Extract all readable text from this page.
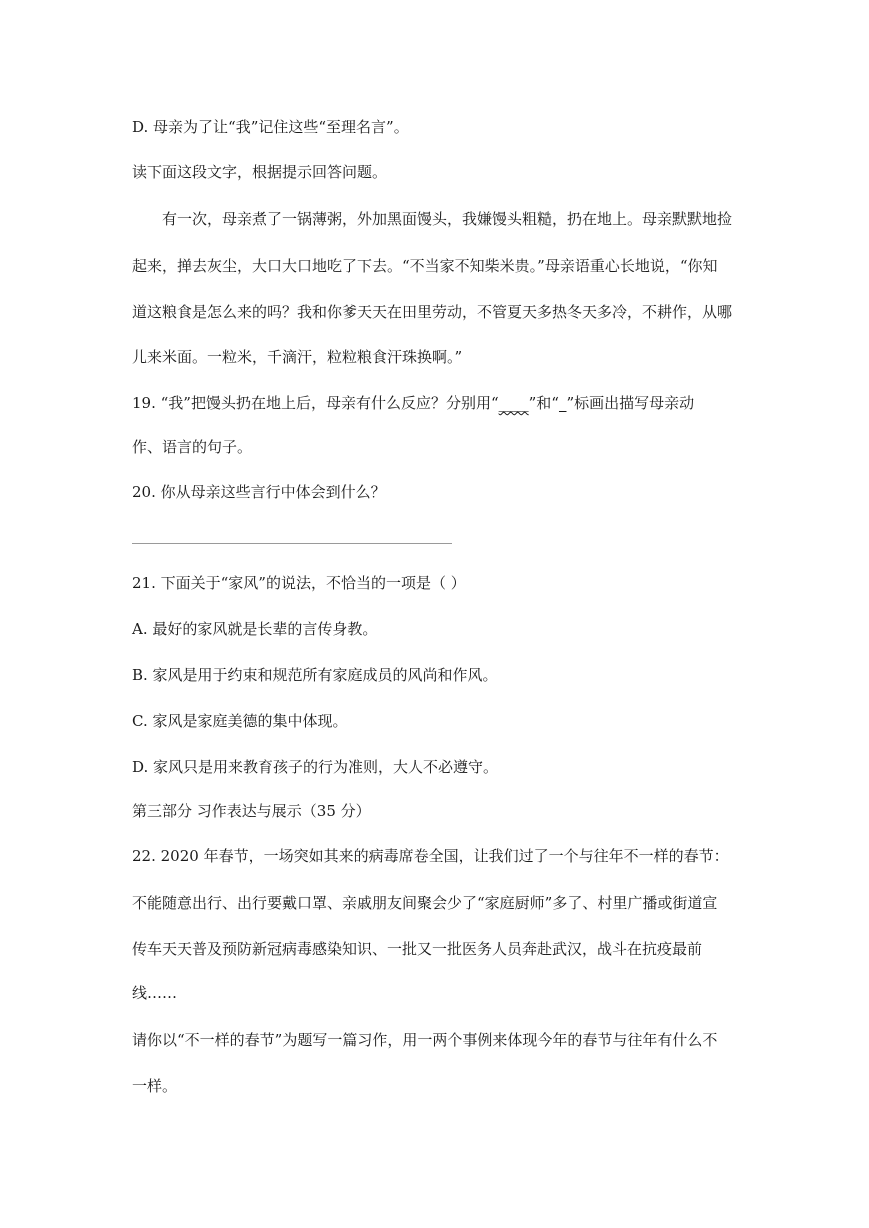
D. 母亲为了让“我”记住这些“至理名言”。
读下面这段文字，根据提示回答问题。
有一次，母亲煮了一锅薄粥，外加黑面馒头，我嫌馒头粗糙，扔在地上。母亲默默地捡
起来，掸去灰尘，大口大口地吃了下去。“不当家不知柴米贵。”母亲语重心长地说，“你知
道这粮食是怎么来的吗？我和你爹天天在田里劳动，不管夏天多热冬天多冷，不耕作，从哪
儿来米面。一粒米，千滴汗，粒粒粮食汗珠换啊。”
19. “我”把馒头扔在地上后，母亲有什么反应？分别用“____”和“_”标画出描写母亲动
作、语言的句子。
20. 你从母亲这些言行中体会到什么？
21. 下面关于“家风”的说法，不恰当的一项是（ ）
A. 最好的家风就是长辈的言传身教。
B. 家风是用于约束和规范所有家庭成员的风尚和作风。
C. 家风是家庭美德的集中体现。
D. 家风只是用来教育孩子的行为准则，大人不必遵守。
第三部分 习作表达与展示（35 分）
22. 2020 年春节，一场突如其来的病毒席卷全国，让我们过了一个与往年不一样的春节：
不能随意出行、出行要戴口罩、亲戚朋友间聚会少了“家庭厨师”多了、村里广播或街道宣
传车天天普及预防新冠病毒感染知识、一批又一批医务人员奔赴武汉，战斗在抗疫最前
线……
请你以“不一样的春节”为题写一篇习作，用一两个事例来体现今年的春节与往年有什么不
一样。
